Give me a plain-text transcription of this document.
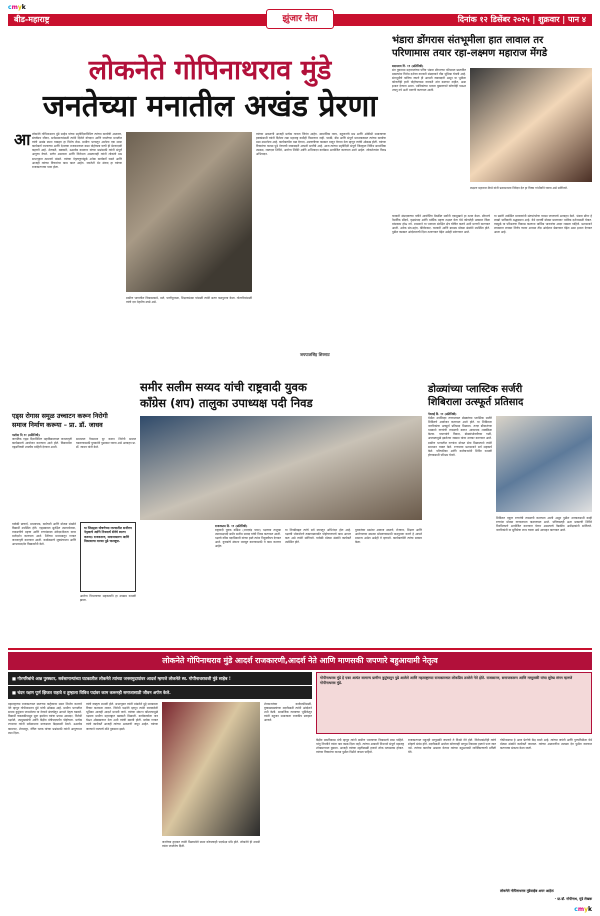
cmyk
बीड-महाराष्ट्र	झुंजार नेता	दिनांक १२ डिसेंबर २०२५ | शुक्रवार | पान ४
लोकनेते गोपिनाथराव मुंडे
जनतेच्या मनातील अखंड प्रेरणा
आ लोकनेते गोपिनाथराव मुंडे साहेब यांच्या स्मृतीदिनानिमित्त त्यांच्या कार्याची आठवण, संघर्षमय जीवन, सर्वसामान्यांसाठी त्यांनी दिलेले योगदान आणि जनतेच्या मनातील त्यांचे अखंड स्थान याबद्दल हा विशेष लेख. ग्रामीण भागातून आलेला एक साधा कार्यकर्ता राज्याच्या आणि देशाच्या राजकारणात कसा पोहोचला याची ही प्रेरणादायी कहाणी आहे. शेतकरी, कष्टकरी, ऊसतोड कामगार यांच्या प्रश्नांसाठी त्यांनी संपूर्ण आयुष्य वेचले. सत्तेत असताना आणि विरोधात असतानाही त्यांनी लोकांचे प्रश्न सभागृहात ठामपणे मांडले. त्यांच्या नेतृत्वगुणांमुळे अनेक कार्यकर्ते घडले आणि आजही त्यांच्या विचारांवर काम करत आहेत. जनतेशी थेट संवाद हा त्यांच्या राजकारणाचा पाया होता.
ग्रामीण भागातील विकासकामे, रस्ते, पाणीपुरवठा, शिक्षणसंस्था यांसाठी त्यांनी सतत पाठपुरावा केला. गोरगरिबांसाठी त्यांचे दार नेहमीच उघडे असे.
त्यांच्या आठवणी आजही प्रत्येक गावात जिवंत आहेत. सामाजिक न्याय, बहुजनांचे प्रश्न आणि ओबीसी समाजाच्या हक्कांसाठी त्यांनी दिलेला लढा महाराष्ट्र कधीही विसरणार नाही. परळी, बीड आणि संपूर्ण मराठवाड्यात त्यांच्या कार्याचा ठसा उमटलेला आहे. कार्यकर्त्यांना बळ देणारा, अडचणीच्या काळात धावून येणारा नेता म्हणून त्यांची ओळख होती. त्यांच्या विचारांचा वारसा पुढे नेण्याची जबाबदारी आपली सर्वांची आहे. आज त्यांच्या स्मृतीदिनी संपूर्ण जिल्ह्यात विविध सामाजिक उपक्रम, रक्तदान शिबिरे, आरोग्य शिबिरे आणि अभिवादन कार्यक्रम आयोजित करण्यात आले आहेत. लोकनेत्यांना विनम्र अभिवादन.
जयपालसिंह शिरसाट
भंडारा डोंगरास संतभूमीला हात लावाल तर
परिणामास तयार रहा-लक्ष्मण महाराज मेंगडे
बदामराव गि. ११ (प्रतिनिधी)
संत तुकाराम महाराजांच्या पवित्र भंडारा डोंगराच्या परिसरात प्रस्तावित प्रकल्पांना विरोध दर्शवत वारकरी संप्रदायाने तीव्र भूमिका घेतली आहे. संतभूमीचे पावित्र्य जपणे ही आपली जबाबदारी असून या भूमीला कोणतीही हानी पोहोचल्यास वारकरी शांत बसणार नाहीत, असा इशारा देण्यात आला. भाविकांच्या भावना दुखावणारे कोणतेही पाऊल उचलू नये अशी मागणी करण्यात आली.
लक्ष्मण महाराज मेंगडे यांनी प्रशासनाला निवेदन देत हा विषय गांभीर्याने घ्यावा असे सांगितले.
वारकरी संप्रदायाच्या वतीने आयोजित बैठकीत सर्वांनी एकमुखाने हा ठराव केला. डोंगराचे नैसर्गिक सौंदर्य, वृक्षसंपदा आणि धार्मिक महत्त्व लक्षात घेता येथे कोणतेही उत्खनन किंवा बांधकाम होऊ नये. शासनाने या भागाला संरक्षित क्षेत्र घोषित करावे अशी मागणी करण्यात आली. अनेक संत-महंत, कीर्तनकार, वारकरी आणि ग्रामस्थ मोठ्या संख्येने उपस्थित होते. पुढील काळात आंदोलनाची दिशा ठरवण्यात येईल असेही सांगण्यात आले.
या प्रसंगी उपस्थित मान्यवरांनी संतपरंपरेचा वारसा जपण्याचे आवाहन केले. भंडारा डोंगर हे लाखो भाविकांचे श्रद्धास्थान आहे. येथे दरवर्षी मोठ्या प्रमाणावर भाविक दर्शनासाठी येतात. त्यामुळे या परिसराचा विकास करताना धार्मिक भावनांचा आदर राखला पाहिजे. प्रशासनाने लवकरात लवकर निर्णय घ्यावा अन्यथा तीव्र आंदोलन छेडण्यात येईल असा इशारा देण्यात आला आहे.
समीर सलीम सय्यद यांची राष्ट्रवादी युवक
काँग्रेस (शप) तालुका उपाध्यक्ष पदी निवड
राजरुस्तम दि. ११ (प्रतिनिधी)
राष्ट्रवादी युवक काँग्रेस (शरदचंद्र पवार) पक्षाच्या तालुका उपाध्यक्षपदी समीर सलीम सय्यद यांची निवड करण्यात आली. पक्षाचे वरिष्ठ पदाधिकारी यांच्या हस्ते त्यांना नियुक्तीपत्र देण्यात आले. युवकांचे संघटन मजबूत करण्यासाठी ते काम करणार आहेत.
या निवडीबद्दल त्यांचे सर्व स्तरातून अभिनंदन होत आहे. पक्षाची ध्येयधोरणे तळागाळापर्यंत पोहोचवण्याचे काम आपण करू असे त्यांनी सांगितले. यावेळी मोठ्या संख्येने कार्यकर्ते उपस्थित होते.
युवकांच्या प्रश्नांवर आवाज उठवणे, रोजगार, शिक्षण आणि आरोग्याच्या समस्या सोडवण्यासाठी पाठपुरावा करणे हे आपले प्राधान्य असेल असेही ते म्हणाले. कार्यकर्त्यांनी त्यांचा सत्कार केला.
एड्स रोगास समूळ उच्चाटन करून निरोगी
समाज निर्माण करूया – प्रा. डॉ. जाधव
पाटोदा दि ११ (प्रतिनिधी)
जागतिक एड्स दिनानिमित्त महाविद्यालयात जनजागृती कार्यक्रमाचे आयोजन करण्यात आले होते. विद्यार्थ्यांना एड्सविषयी शास्त्रीय माहिती देण्यात आली.
समाजात गैरसमज दूर करून निरोगी समाज घडवण्यासाठी युवकांनी पुढाकार घ्यावा असे आवाहन प्रा. डॉ. जाधव यांनी केले.
या जिल्ह्यात घोषणेच्या राज्यातील सर्वोत्तम नेतृत्वाचे आणि निःस्वार्थ सेवेचे स्मरण करूया; राजकारण, समाजकारण आणि विकासाचा वारसा पुढे चालवूया.
यावेळी प्राचार्य, प्राध्यापक, कर्मचारी आणि मोठ्या संख्येने विद्यार्थी उपस्थित होते. एड्सबाबत सुरक्षित उपाययोजना, तपासणीचे महत्त्व आणि रुग्णांबाबत संवेदनशीलता यावर मार्गदर्शन करण्यात आले. रॅलीच्या माध्यमातून गावात जनजागृती करण्यात आली. कार्यक्रमाचे सूत्रसंचालन आणि आभारप्रदर्शन विद्यार्थ्यांनी केले.
आरोग्य विभागाच्या सहकार्याने हा उपक्रम यशस्वी झाला.
डोळ्यांच्या प्लास्टिक सर्जरी
शिबिराला उत्स्फूर्त प्रतिसाद
गेवराई दि. ११ (प्रतिनिधी)
येथील उपजिल्हा रुग्णालयात डोळ्यांच्या प्लास्टिक सर्जरी शिबिराचे आयोजन करण्यात आले होते. या शिबिराला नागरिकांचा उत्स्फूर्त प्रतिसाद मिळाला. तज्ज्ञ डॉक्टरांच्या पथकाने रुग्णांची तपासणी करून आवश्यक शस्त्रक्रिया केल्या. पापण्यांचे विकार, डोळ्यांभोवतीच्या गाठी, अपघातामुळे झालेल्या जखमा यांवर उपचार करण्यात आले. ग्रामीण भागातील रुग्णांना मोफत सेवा मिळाल्याने त्यांनी समाधान व्यक्त केले. रुग्णालय प्रशासनाने सर्व सहकार्य केले. परिचारिका आणि कर्मचाऱ्यांनी शिबिर यशस्वी होण्यासाठी परिश्रम घेतले.
शिबिरात एकूण रुग्णांची तपासणी करण्यात आली असून पुढील उपचारासाठी काही रुग्णांना मोठ्या रुग्णालयात पाठवण्यात आले. भविष्यातही अशा प्रकारची शिबिरे नियमितपणे आयोजित करण्यात येणार असल्याचे वैद्यकीय अधीक्षकांनी सांगितले. नागरिकांनी या सुविधेचा लाभ घ्यावा असे आवाहन करण्यात आले.
लोकनेते गोपिनाथराव मुंडे आदर्श राजकारणी,आदर्श नेते आणि माणसकी जपणारे बहुआयामी नेतृत्व
■ गोरगरिबांचे आन्न पुरस्कार, सर्वसामान्यांच्या घटकातील लोकनेते त्यांच्या जनसमुदायांवर आदर्श म्हणजे लोकनेते स्व. गोपीनाथरावजी मुंडे साहेब !
■ चंदन रक्षण पूर्ण झिजत राहावे व तुम्हाला विविध पदांवर काम करूनही समाजासाठी जीवन अर्पण केले.
गोपीनाथराव मुंडे हे एका अत्यंत सामान्य ग्रामीण कुटुंबातून पुढे आलेले आणि महाराष्ट्राच्या राजकारणात लोकप्रिय ठरलेले नेते होते. राजकारण, समाजकारण आणि माणुसकी यांचा सुरेख संगम म्हणजे गोपीनाथराव मुंडे.
महाराष्ट्राच्या राजकारणात स्वतःच्या कर्तृत्वावर स्थान निर्माण करणारे नेते म्हणून गोपीनाथराव मुंडे यांची ओळख आहे. ग्रामीण भागातील साध्या कुटुंबात जन्मलेल्या या नेत्याने संघर्षातून आपले नेतृत्व घडवले. विद्यार्थी चळवळीपासून सुरू झालेला त्यांचा प्रवास आमदार, विरोधी पक्षनेते, उपमुख्यमंत्री आणि केंद्रीय मंत्रीपदापर्यंत पोहोचला. प्रत्येक टप्प्यावर त्यांनी सर्वसामान्य माणसाला केंद्रस्थानी ठेवले. ऊसतोड कामगार, शेतमजूर, वंचित घटक यांच्या प्रश्नांसाठी त्यांनी आयुष्यभर लढा दिला.
त्यांचे वक्तृत्व प्रभावी होते. सभागृहात त्यांनी मांडलेले मुद्दे सरकारला विचार करायला लावत. विरोधी पक्षनेते म्हणून त्यांनी बजावलेली भूमिका आजही आदर्श मानली जाते. त्यांच्या संघटन कौशल्यामुळे पक्षाला ग्रामीण महाराष्ट्रात बळकटी मिळाली. कार्यकर्त्याला नाव घेऊन ओळखणारा नेता अशी त्यांची ख्याती होती. प्रत्येक गावात त्यांचे कार्यकर्ते आजही त्यांच्या आठवणी जपून आहेत. त्यांच्या जाण्याने राज्याचे मोठे नुकसान झाले.
जनतेच्या हृदयात त्यांनी मिळवलेले स्थान कोणत्याही पदापेक्षा मोठे होते. लोकनेते ही उपाधी त्यांना जनतेनेच दिली.
शेतकऱ्यांच्या कर्जमाफीसाठी, दुष्काळग्रस्तांच्या मदतीसाठी त्यांनी आंदोलने उभी केली. सामाजिक न्यायाच्या भूमिकेतून त्यांनी बहुजन समाजाला राजकीय प्रवाहात आणले.
केंद्रीय ग्रामविकास मंत्री म्हणून त्यांनी ग्रामीण भारताच्या विकासाचे स्वप्न पाहिले. परंतु नियतीने त्यांना फार काळ दिला नाही. त्यांच्या अकाली निधनाने संपूर्ण महाराष्ट्र शोकसागरात बुडाला. आजही त्यांच्या स्मृतीस्थळी हजारो लोक नतमस्तक होतात. त्यांच्या विचारांचा वारसा पुढील पिढीने जपला पाहिजे.
राजकारणात राहूनही माणुसकी जपणारे ते विरळे नेते होते. विरोधकांशीही त्यांचे स्नेहाचे संबंध होते. मदतीसाठी आलेला कोणताही माणूस रिकाम्या हाताने परत जात नसे. त्यांच्या कार्याचा आढावा घेताना त्यांच्या बहुआयामी व्यक्तिमत्त्वाची प्रचिती येते.
गोपीनाथगड हे आज प्रेरणेचे केंद्र बनले आहे. त्यांच्या जयंती आणि पुण्यतिथीला येथे मोठ्या संख्येने कार्यकर्ते जमतात. त्यांच्या आठवणींना उजाळा देत पुढील वाटचाल करण्याचा संकल्प केला जातो.
लोकनेते गोपिनाथराव मुंडेसाहेब अमर आहेत!
- प्रा.डॉ. गोपीनाथ, मुंडे लेखक
cmyk
